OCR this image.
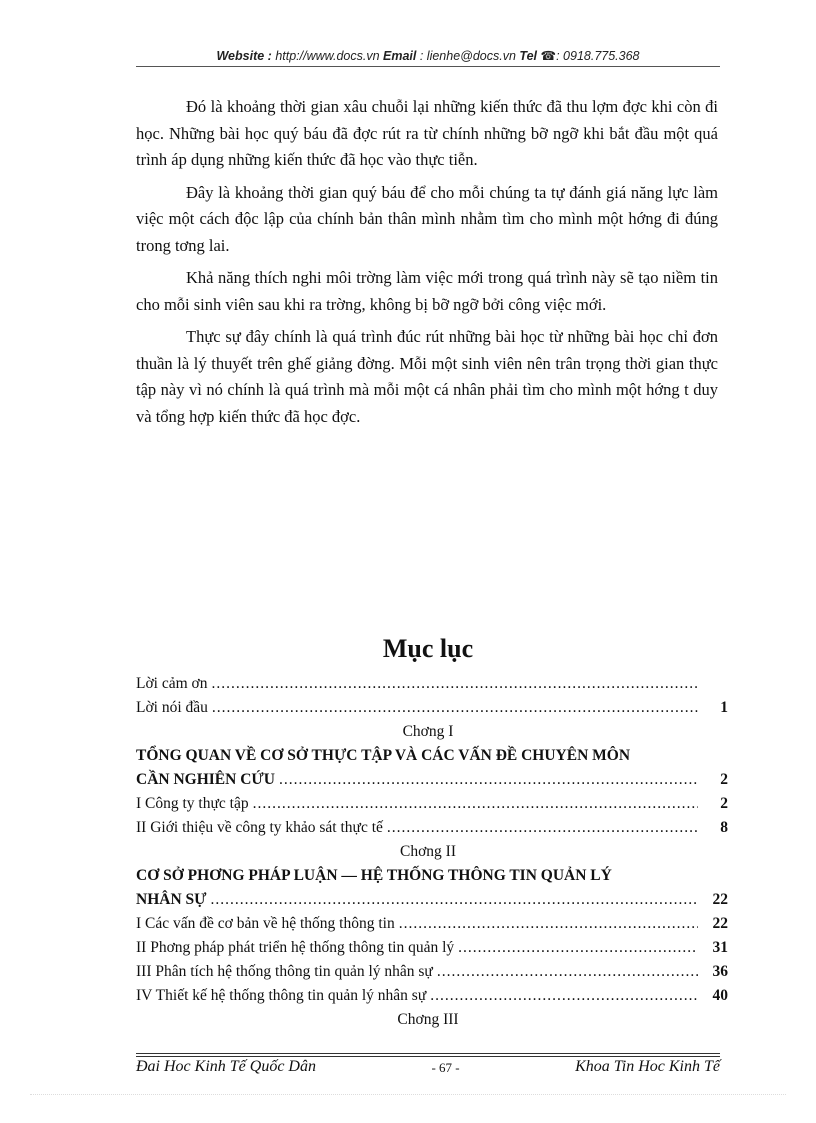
Website : http://www.docs.vn Email : lienhe@docs.vn Tel ☎: 0918.775.368

Đó là khoảng thời gian xâu chuỗi lại những kiến thức đã thu lợm đợc khi còn đi học. Những bài học quý báu đã đợc rút ra từ chính những bỡ ngỡ khi bắt đầu một quá trình áp dụng những kiến thức đã học vào thực tiễn.

Đây là khoảng thời gian quý báu để cho mỗi chúng ta tự đánh giá năng lực làm việc một cách độc lập của chính bản thân mình nhằm tìm cho mình một hớng đi đúng trong tơng lai.

Khả năng thích nghi môi trờng làm việc mới trong quá trình này sẽ tạo niềm tin cho mỗi sinh viên sau khi ra trờng, không bị bỡ ngỡ bởi công việc mới.

Thực sự đây chính là quá trình đúc rút những bài học từ những bài học chỉ đơn thuần là lý thuyết trên ghế giảng đờng. Mỗi một sinh viên nên trân trọng thời gian thực tập này vì nó chính là quá trình mà mỗi một cá nhân phải tìm cho mình một hớng t duy và tổng hợp kiến thức đã học đợc.

Mục lục
Lời cảm ơn
.....
Lời nói đầu .....	1
Chơng I
TỔNG QUAN VỀ CƠ SỞ THỰC TẬP VÀ CÁC VẤN ĐỀ CHUYÊN MÔN
CẦN NGHIÊN CỨU .....	2
I Công ty thực tập .....	2
II Giới thiệu về công ty khảo sát thực tế .....	8
Chơng II
CƠ SỞ PHƠNG PHÁP LUẬN — HỆ THỐNG THÔNG TIN QUẢN LÝ
NHÂN SỰ .....	22
I Các vấn đề cơ bản về hệ thống thông tin .....	22
II Phơng pháp phát triển hệ thống thông tin quản lý .....	31
III Phân tích hệ thống thông tin quản lý nhân sự .....	36
IV Thiết kế hệ thống thông tin quản lý nhân sự .....	40
Chơng III
Đai Hoc Kinh Tế Quốc Dân	- 67 -	Khoa Tin Hoc Kinh Tế
